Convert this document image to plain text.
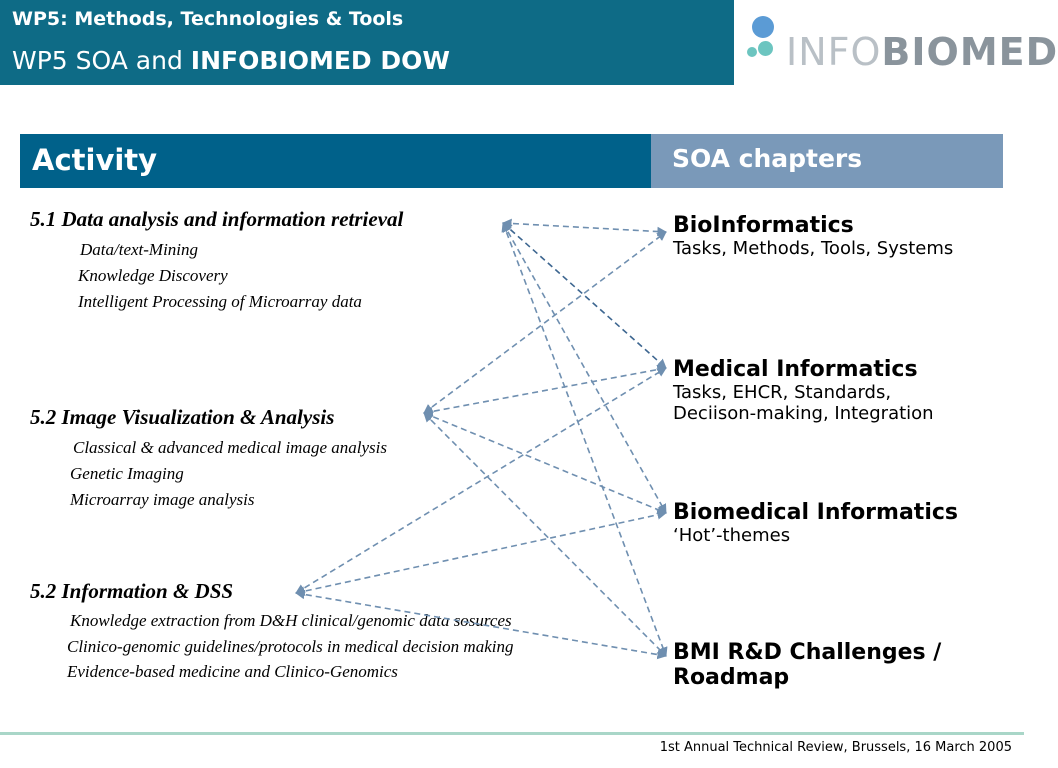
WP5: Methods, Technologies & Tools
WP5 SOA and INFOBIOMED DOW	INFOBIOMED
Activity	SOA chapters
5.1 Data analysis and information retrieval
Data/text-Mining
Knowledge Discovery
Intelligent Processing of Microarray data
5.2 Image Visualization & Analysis
Classical & advanced medical image analysis
Genetic Imaging
Microarray image analysis
5.2 Information & DSS
Knowledge extraction from D&H clinical/genomic data sosurces
Clinico-genomic guidelines/protocols in medical decision making
Evidence-based medicine and Clinico-Genomics
BioInformatics
Tasks, Methods, Tools, Systems
Medical Informatics
Tasks, EHCR, Standards,
Deciison-making, Integration
Biomedical Informatics
‘Hot’-themes
BMI R&D Challenges /
Roadmap
1st Annual Technical Review, Brussels, 16 March 2005
